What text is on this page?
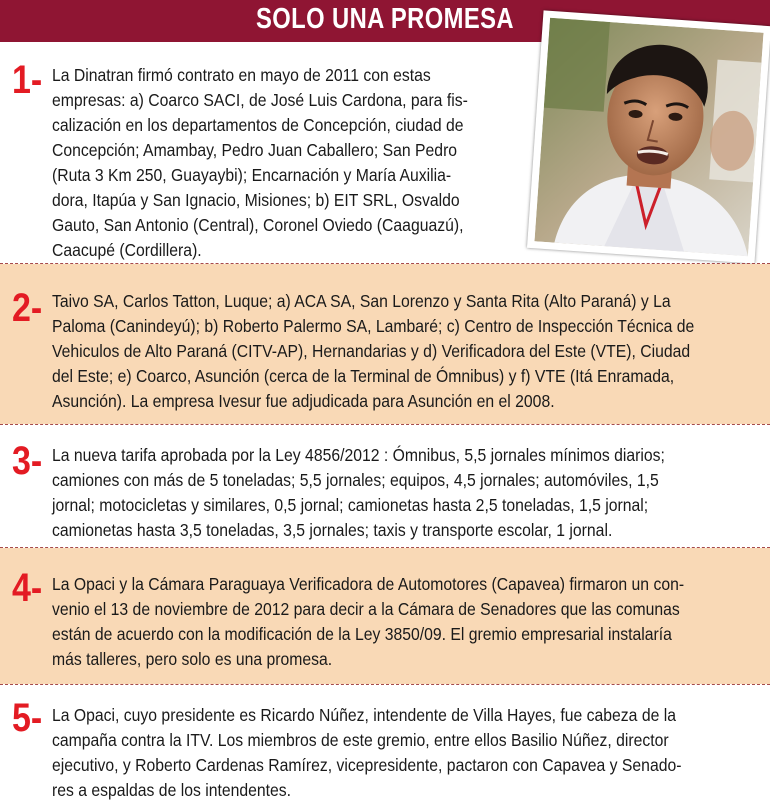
SOLO UNA PROMESA
1- La Dinatran firmó contrato en mayo de 2011 con estas
empresas: a) Coarco SACI, de José Luis Cardona, para fis-
calización en los departamentos de Concepción, ciudad de
Concepción; Amambay, Pedro Juan Caballero; San Pedro
(Ruta 3 Km 250, Guayaybi); Encarnación y María Auxilia-
dora, Itapúa y San Ignacio, Misiones; b) EIT SRL, Osvaldo
Gauto, San Antonio (Central), Coronel Oviedo (Caaguazú),
Caacupé (Cordillera).
2- Taivo SA, Carlos Tatton, Luque; a) ACA SA, San Lorenzo y Santa Rita (Alto Paraná) y La
Paloma (Canindeyú); b) Roberto Palermo SA, Lambaré; c) Centro de Inspección Técnica de
Vehiculos de Alto Paraná (CITV-AP), Hernandarias y d) Verificadora del Este (VTE), Ciudad
del Este; e) Coarco, Asunción (cerca de la Terminal de Ómnibus) y f) VTE (Itá Enramada,
Asunción). La empresa Ivesur fue adjudicada para Asunción en el 2008.
3- La nueva tarifa aprobada por la Ley 4856/2012 : Ómnibus, 5,5 jornales mínimos diarios;
camiones con más de 5 toneladas; 5,5 jornales; equipos, 4,5 jornales; automóviles, 1,5
jornal; motocicletas y similares, 0,5 jornal; camionetas hasta 2,5 toneladas, 1,5 jornal;
camionetas hasta 3,5 toneladas, 3,5 jornales; taxis y transporte escolar, 1 jornal.
4- La Opaci y la Cámara Paraguaya Verificadora de Automotores (Capavea) firmaron un con-
venio el 13 de noviembre de 2012 para decir a la Cámara de Senadores que las comunas
están de acuerdo con la modificación de la Ley 3850/09. El gremio empresarial instalaría
más talleres, pero solo es una promesa.
5- La Opaci, cuyo presidente es Ricardo Núñez, intendente de Villa Hayes, fue cabeza de la
campaña contra la ITV. Los miembros de este gremio, entre ellos Basilio Núñez, director
ejecutivo, y Roberto Cardenas Ramírez, vicepresidente, pactaron con Capavea y Senado-
res a espaldas de los intendentes.
